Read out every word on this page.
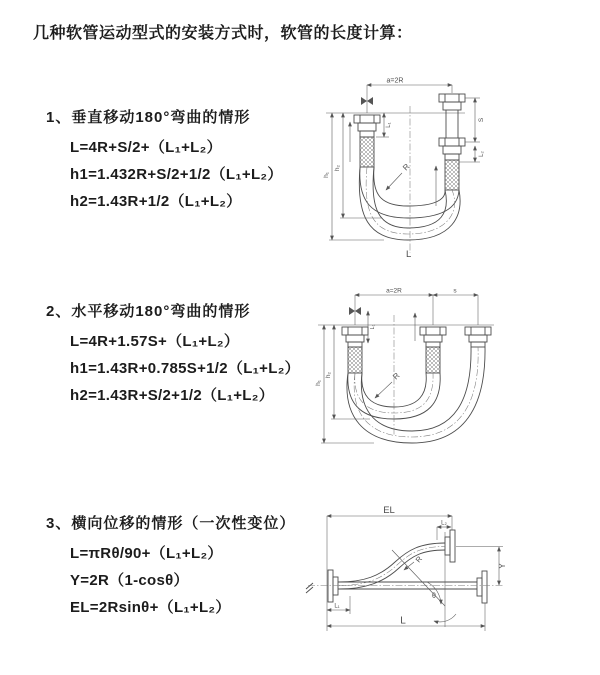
几种软管运动型式的安装方式时，软管的长度计算：
1、垂直移动180°弯曲的情形
L=4R+S/2+（L₁+L₂）
h1=1.432R+S/2+1/2（L₁+L₂）
h2=1.43R+1/2（L₁+L₂）
2、水平移动180°弯曲的情形
L=4R+1.57S+（L₁+L₂）
h1=1.43R+0.785S+1/2（L₁+L₂）
h2=1.43R+S/2+1/2（L₁+L₂）
3、横向位移的情形（一次性变位）
L=πRθ/90+（L₁+L₂）
Y=2R（1-cosθ）
EL=2Rsinθ+（L₁+L₂）
a=2R
h₁
h₂
L₁
S
L₂
R
L
a=2R	s
h₁
h₂
L₁
R
EL
L₂
θ
R
Y
L
L₁
